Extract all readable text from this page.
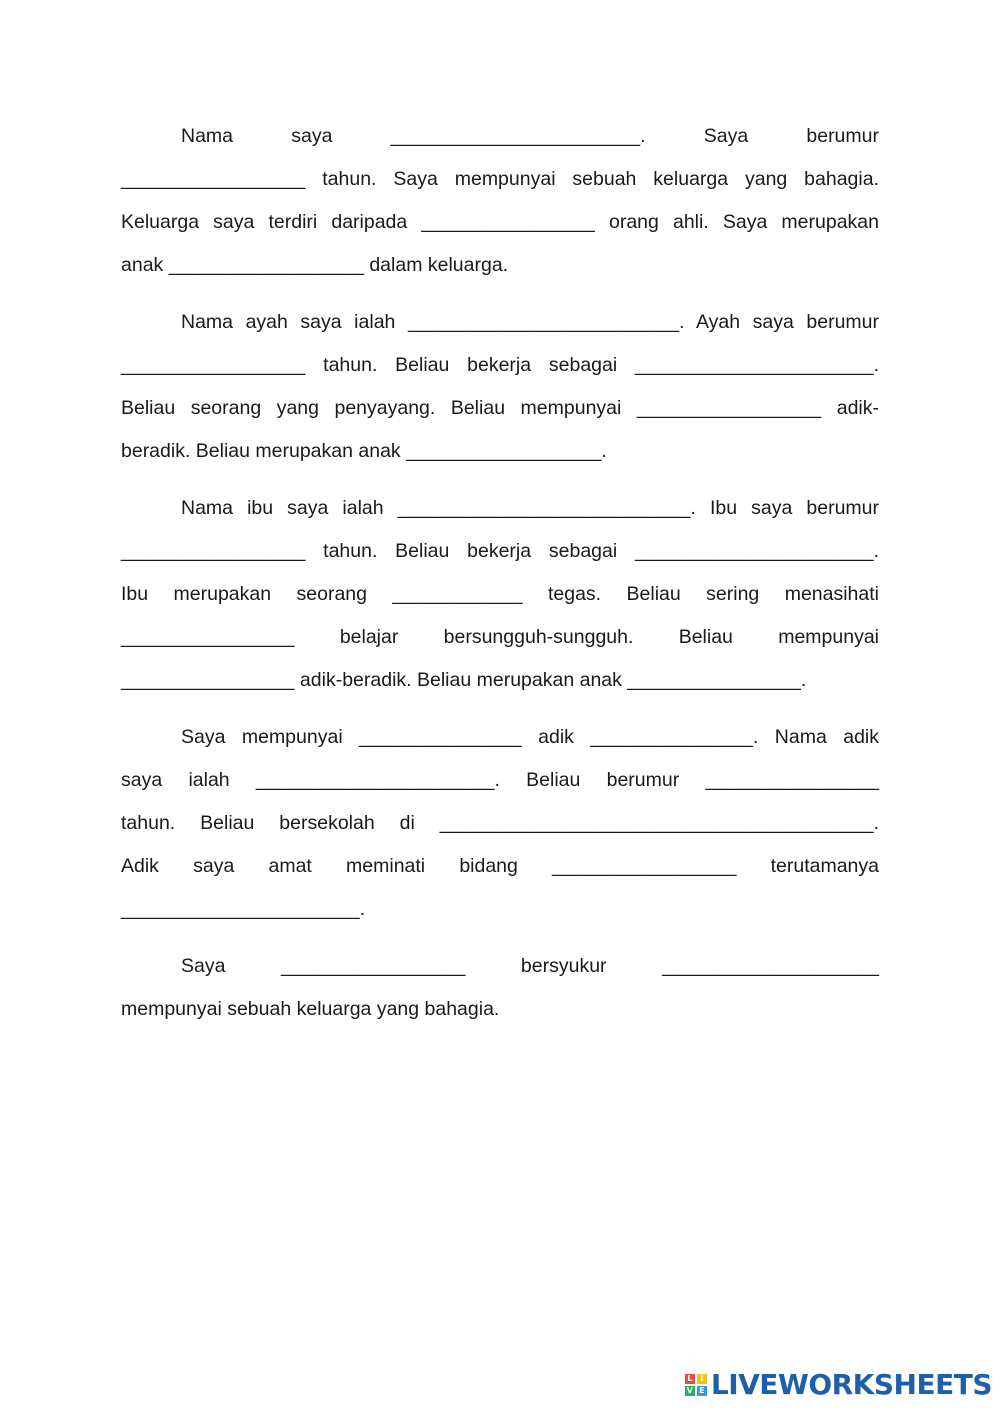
Nama saya _______________________. Saya berumur
_________________ tahun. Saya mempunyai sebuah keluarga yang bahagia.
Keluarga saya terdiri daripada ________________ orang ahli. Saya merupakan
anak __________________ dalam keluarga.
Nama ayah saya ialah _________________________. Ayah saya berumur
_________________ tahun. Beliau bekerja sebagai ______________________.
Beliau seorang yang penyayang. Beliau mempunyai _________________ adik-
beradik. Beliau merupakan anak __________________.
Nama ibu saya ialah ___________________________. Ibu saya berumur
_________________ tahun. Beliau bekerja sebagai ______________________.
Ibu merupakan seorang ____________ tegas. Beliau sering menasihati
________________ belajar bersungguh-sungguh. Beliau mempunyai
________________ adik-beradik. Beliau merupakan anak ________________.
Saya mempunyai _______________ adik _______________. Nama adik
saya ialah ______________________. Beliau berumur ________________
tahun. Beliau bersekolah di ________________________________________.
Adik saya amat meminati bidang _________________ terutamanya
______________________.
Saya _________________ bersyukur ____________________
mempunyai sebuah keluarga yang bahagia.
L I
V E LIVEWORKSHEETS
